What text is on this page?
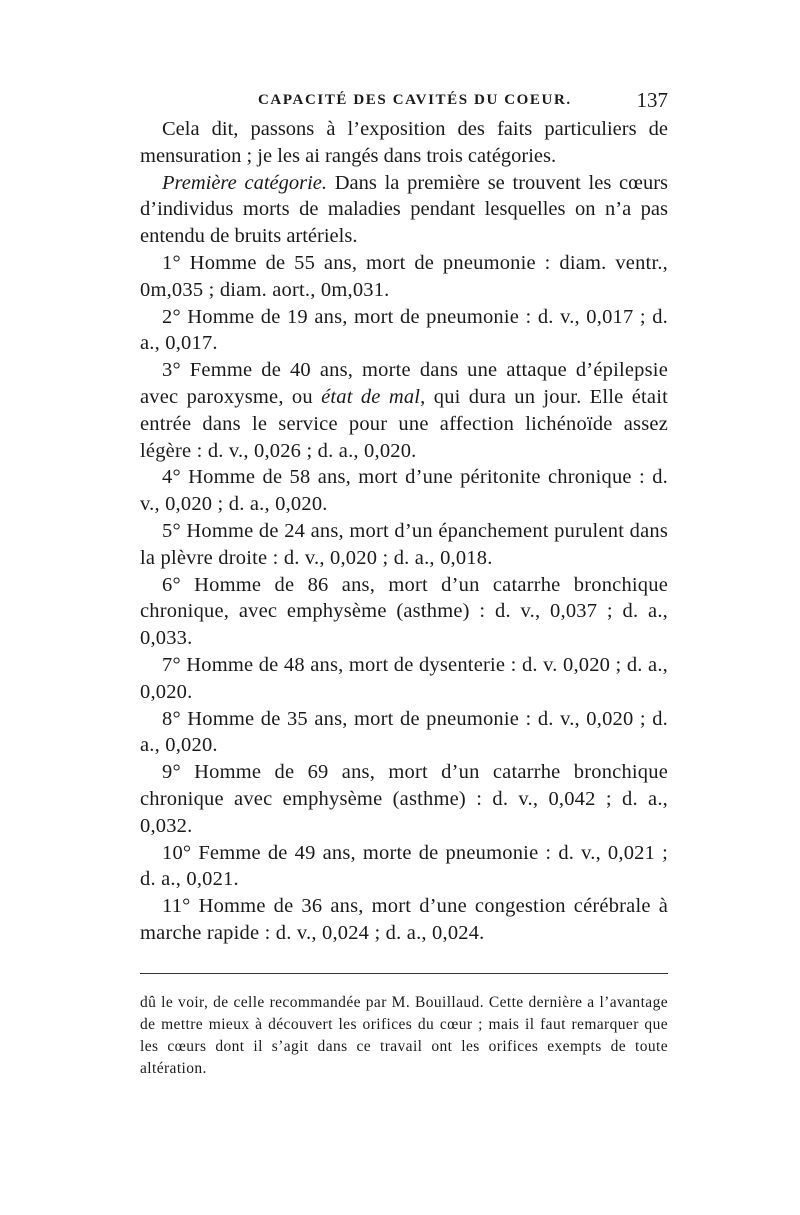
CAPACITÉ DES CAVITÉS DU COEUR.	137

Cela dit, passons à l’exposition des faits particuliers de mensuration ; je les ai rangés dans trois catégories.

Première catégorie. Dans la première se trouvent les cœurs d’individus morts de maladies pendant lesquelles on n’a pas entendu de bruits artériels.

1° Homme de 55 ans, mort de pneumonie : diam. ventr., 0m,035 ; diam. aort., 0m,031.

2° Homme de 19 ans, mort de pneumonie : d. v., 0,017 ; d. a., 0,017.

3° Femme de 40 ans, morte dans une attaque d’épilepsie avec paroxysme, ou état de mal, qui dura un jour. Elle était entrée dans le service pour une affection lichénoïde assez légère : d. v., 0,026 ; d. a., 0,020.

4° Homme de 58 ans, mort d’une péritonite chronique : d. v., 0,020 ; d. a., 0,020.

5° Homme de 24 ans, mort d’un épanchement purulent dans la plèvre droite : d. v., 0,020 ; d. a., 0,018.

6° Homme de 86 ans, mort d’un catarrhe bronchique chronique, avec emphysème (asthme) : d. v., 0,037 ; d. a., 0,033.

7° Homme de 48 ans, mort de dysenterie : d. v. 0,020 ; d. a., 0,020.

8° Homme de 35 ans, mort de pneumonie : d. v., 0,020 ; d. a., 0,020.

9° Homme de 69 ans, mort d’un catarrhe bronchique chronique avec emphysème (asthme) : d. v., 0,042 ; d. a., 0,032.

10° Femme de 49 ans, morte de pneumonie : d. v., 0,021 ; d. a., 0,021.

11° Homme de 36 ans, mort d’une congestion cérébrale à marche rapide : d. v., 0,024 ; d. a., 0,024.

dû le voir, de celle recommandée par M. Bouillaud. Cette dernière a l’avantage de mettre mieux à découvert les orifices du cœur ; mais il faut remarquer que les cœurs dont il s’agit dans ce travail ont les orifices exempts de toute altération.
